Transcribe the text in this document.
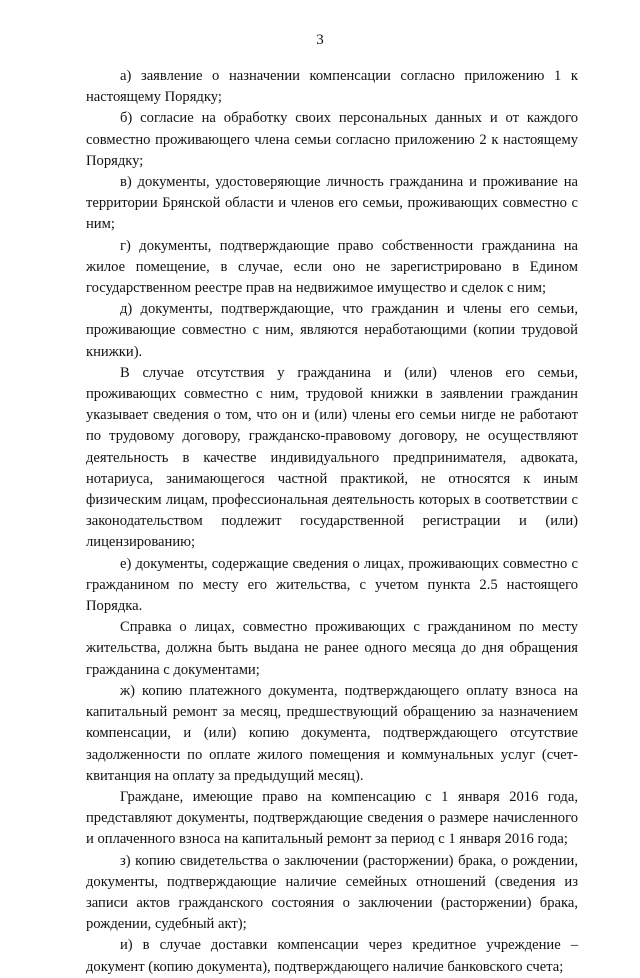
3

а) заявление о назначении компенсации согласно приложению 1 к настоящему Порядку;

б) согласие на обработку своих персональных данных и от каждого совместно проживающего члена семьи согласно приложению 2 к настоящему Порядку;

в) документы, удостоверяющие личность гражданина и проживание на территории Брянской области и членов его семьи, проживающих совместно с ним;

г) документы, подтверждающие право собственности гражданина на жилое помещение, в случае, если оно не зарегистрировано в Едином государственном реестре прав на недвижимое имущество и сделок с ним;

д) документы, подтверждающие, что гражданин и члены его семьи, проживающие совместно с ним, являются неработающими (копии трудовой книжки).

В случае отсутствия у гражданина и (или) членов его семьи, проживающих совместно с ним, трудовой книжки в заявлении гражданин указывает сведения о том, что он и (или) члены его семьи нигде не работают по трудовому договору, гражданско-правовому договору, не осуществляют деятельность в качестве индивидуального предпринимателя, адвоката, нотариуса, занимающегося частной практикой, не относятся к иным физическим лицам, профессиональная деятельность которых в соответствии с законодательством подлежит государственной регистрации и (или) лицензированию;

е) документы, содержащие сведения о лицах, проживающих совместно с гражданином по месту его жительства, с учетом пункта 2.5 настоящего Порядка.

Справка о лицах, совместно проживающих с гражданином по месту жительства, должна быть выдана не ранее одного месяца до дня обращения гражданина с документами;

ж) копию платежного документа, подтверждающего оплату взноса на капитальный ремонт за месяц, предшествующий обращению за назначением компенсации, и (или) копию документа, подтверждающего отсутствие задолженности по оплате жилого помещения и коммунальных услуг (счет-квитанция на оплату за предыдущий месяц).

Граждане, имеющие право на компенсацию с 1 января 2016 года, представляют документы, подтверждающие сведения о размере начисленного и оплаченного взноса на капитальный ремонт за период с 1 января 2016 года;

з) копию свидетельства о заключении (расторжении) брака, о рождении, документы, подтверждающие наличие семейных отношений (сведения из записи актов гражданского состояния о заключении (расторжении) брака, рождении, судебный акт);

и) в случае доставки компенсации через кредитное учреждение – документ (копию документа), подтверждающего наличие банковского счета;
